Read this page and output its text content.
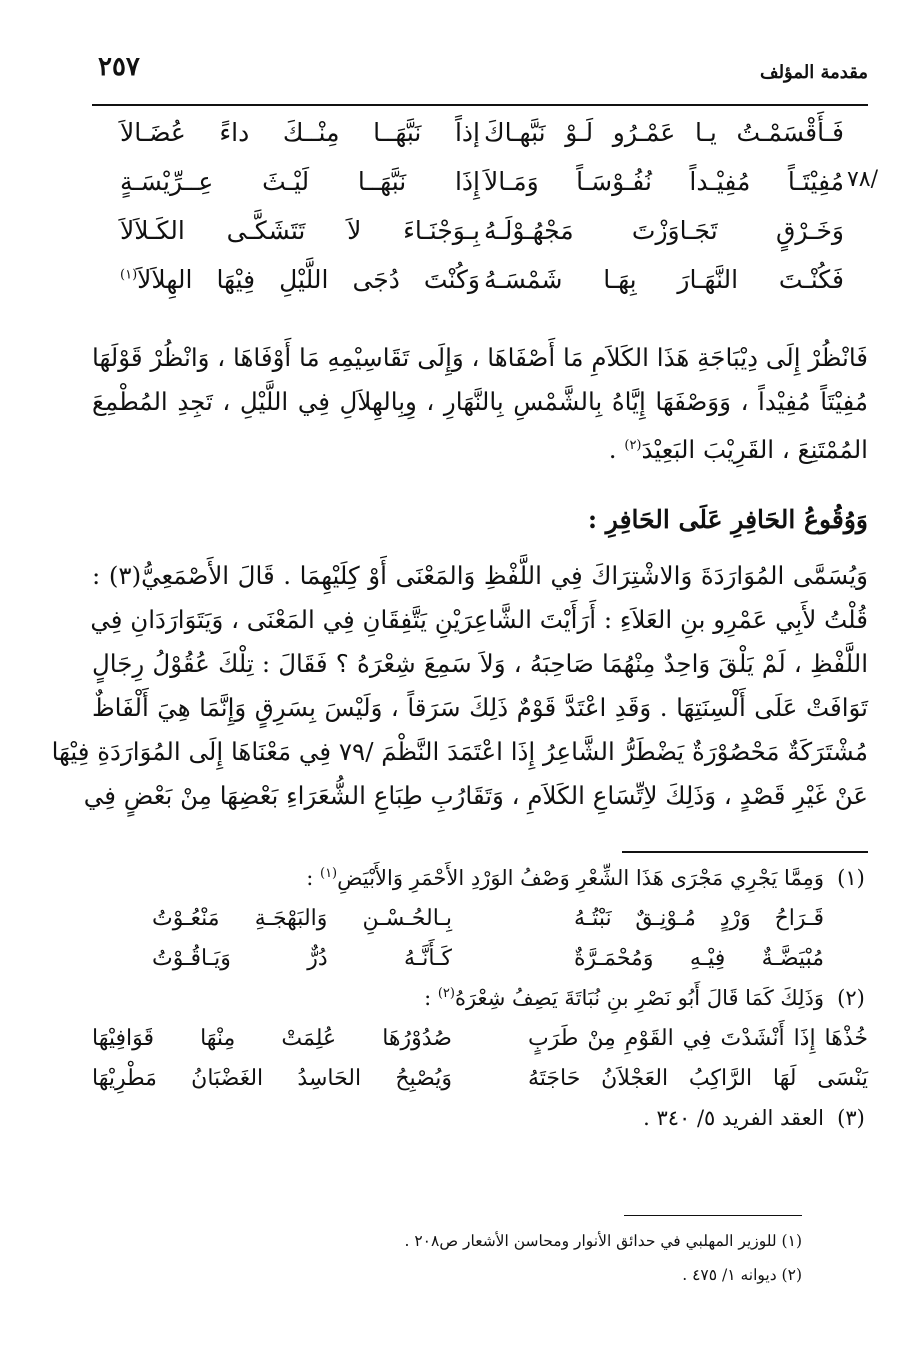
مقدمة المؤلف
٢٥٧
فَـأَقْسَمْـتُ يـا عَمْـرُو لَـوْ نَبَّهـاكَ
إذاً نَبَّهَــا مِنْــكَ داءً عُضَـالاَ
مُفِيْتَـاً مُفِيْـداً نُفُـوْسَـاً وَمَـالاَ
إِذَا نَبَّهَــا لَيْـثَ عِــرِّيْسَـةٍ	/٧٨
وَخَـرْقٍ تَجَـاوَزْتَ مَجْهُـوْلَـهُ
بِـوَجْنَـاءَ لاَ تَتَشَكَّـى الكَـلاَلاَ
فَكُنْـتَ النَّهَـارَ بِهَـا شَمْسَـهُ
وَكُنْتَ دُجَى اللَّيْلِ فِيْهَا الهِلاَلاَ$^{(١)}$
فَانْظُرْ إِلَى دِيْبَاجَةِ هَذَا الكَلاَمِ مَا أَصْفَاهَا ، وَإِلَى تَقَاسِيْمِهِ مَا أَوْفَاهَا ، وَانْظُرْ قَوْلَهَا
مُفِيْتَاً مُفِيْداً ، وَوَصْفَهَا إِيَّاهُ بِالشَّمْسِ بِالنَّهَارِ ، وِبِالهِلاَلِ فِي اللَّيْلِ ، تَجِدِ المُطْمِعَ
المُمْتَنِعَ ، القَرِيْبَ البَعِيْدَ$^{(٢)}$ .
وَوُقُوعُ الحَافِرِ عَلَى الحَافِرِ :
وَيُسَمَّى المُوَارَدَةَ وَالاشْتِرَاكَ فِي اللَّفْظِ وَالمَعْنَى أَوْ كِلَيْهِمَا . قَالَ الأَصْمَعِيُّ(٣) :
قُلْتُ لأَبِي عَمْرِو بنِ العَلاَءِ : أَرَأَيْتَ الشَّاعِرَيْنِ يَتَّفِقَانِ فِي المَعْنَى ، وَيَتَوَارَدَانِ فِي
اللَّفْظِ ، لَمْ يَلْقَ وَاحِدٌ مِنْهُمَا صَاحِبَهُ ، وَلاَ سَمِعَ شِعْرَهُ ؟ فَقَالَ : تِلْكَ عُقُوْلُ رِجَالٍ
تَوَافَتْ عَلَى أَلْسِنَتِهَا . وَقَدِ اعْتَدَّ قَوْمٌ ذَلِكَ سَرَقاً ، وَلَيْسَ بِسَرِقٍ وَإِنَّمَا هِيَ أَلْفَاظٌ
مُشْتَرَكَةٌ مَحْصُوْرَةٌ يَضْطَرُّ الشَّاعِرُ إِذَا اعْتَمَدَ النَّظْمَ /٧٩ فِي مَعْنَاهَا إِلَى المُوَارَدَةِ فِيْهَا
عَنْ غَيْرِ قَصْدٍ ، وَذَلِكَ لاِتِّسَاعِ الكَلاَمِ ، وَتَقَارُبِ طِبَاعِ الشُّعَرَاءِ بَعْضِهَا مِنْ بَعْضٍ فِي
(١)
وَمِمَّا يَجْرِي مَجْرَى هَذَا الشِّعْرِ وَصْفُ الوَرْدِ الأَحْمَرِ وَالأَبْيَضِ$^{(١)}$ :
قَـرَاحُ وَرْدٍ مُـوْنِـقٌ نَبْتُـهُ
بِـالحُـسْـنِ وَالبَهْجَـةِ مَنْعُـوْتُ
مُبْيَضَّـةٌ فِيْـهِ وَمُحْمَـرَّةٌ
كَـأَنَّـهُ دُرٌّ وَيَـاقُـوْتُ
(٢)
وَذَلِكَ كَمَا قَالَ أَبُو نَصْرِ بنِ نُبَاتَةَ يَصِفُ شِعْرَهُ$^{(٢)}$ :
خُذْهَا إِذَا أَنْشَدْتَ فِي القَوْمِ مِنْ طَرَبٍ
صُدُوْرُهَا عُلِمَتْ مِنْهَا قَوَافِيْهَا
يَنْسَى لَهَا الرَّاكِبُ العَجْلاَنُ حَاجَتَهُ
وَيُصْبِحُ الحَاسِدُ الغَضْبَانُ مَطْرِيْهَا
(٣)
العقد الفريد ٥/ ٣٤٠ .
(١) للوزير المهلبي في حدائق الأنوار ومحاسن الأشعار ص٢٠٨ .
(٢) ديوانه ١/ ٤٧٥ .
